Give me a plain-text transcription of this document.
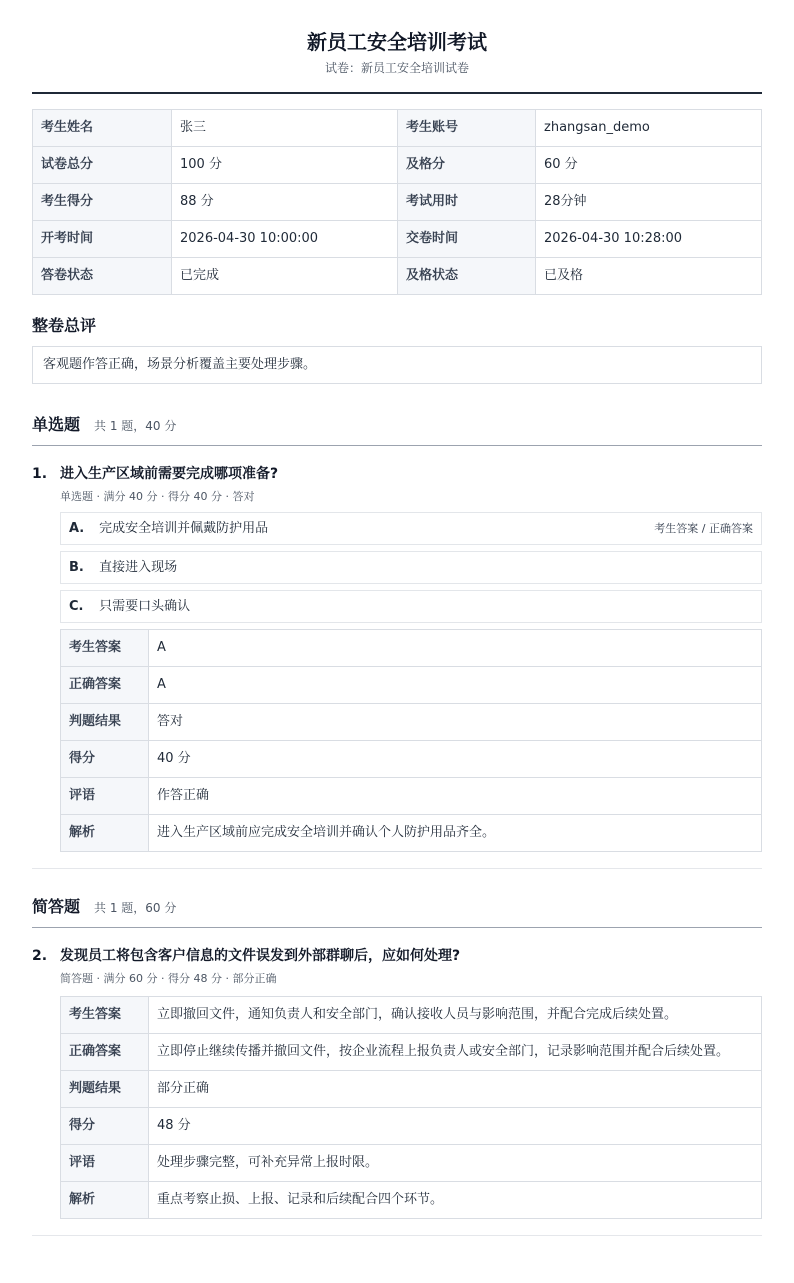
新员工安全培训考试
试卷：新员工安全培训试卷
考生姓名	张三	考生账号	zhangsan_demo
试卷总分	100 分	及格分	60 分
考生得分	88 分	考试用时	28分钟
开考时间	2026-04-30 10:00:00	交卷时间	2026-04-30 10:28:00
答卷状态	已完成	及格状态	已及格
整卷总评
客观题作答正确，场景分析覆盖主要处理步骤。
单选题 共 1 题，40 分
1. 进入生产区域前需要完成哪项准备?
单选题 · 满分 40 分 · 得分 40 分 · 答对
A. 完成安全培训并佩戴防护用品	考生答案 / 正确答案
B. 直接进入现场
C. 只需要口头确认
考生答案	A
正确答案	A
判题结果	答对
得分	40 分
评语	作答正确
解析	进入生产区域前应完成安全培训并确认个人防护用品齐全。
简答题 共 1 题，60 分
2. 发现员工将包含客户信息的文件误发到外部群聊后，应如何处理?
简答题 · 满分 60 分 · 得分 48 分 · 部分正确
考生答案	立即撤回文件，通知负责人和安全部门，确认接收人员与影响范围，并配合完成后续处置。
正确答案	立即停止继续传播并撤回文件，按企业流程上报负责人或安全部门，记录影响范围并配合后续处置。
判题结果	部分正确
得分	48 分
评语	处理步骤完整，可补充异常上报时限。
解析	重点考察止损、上报、记录和后续配合四个环节。
